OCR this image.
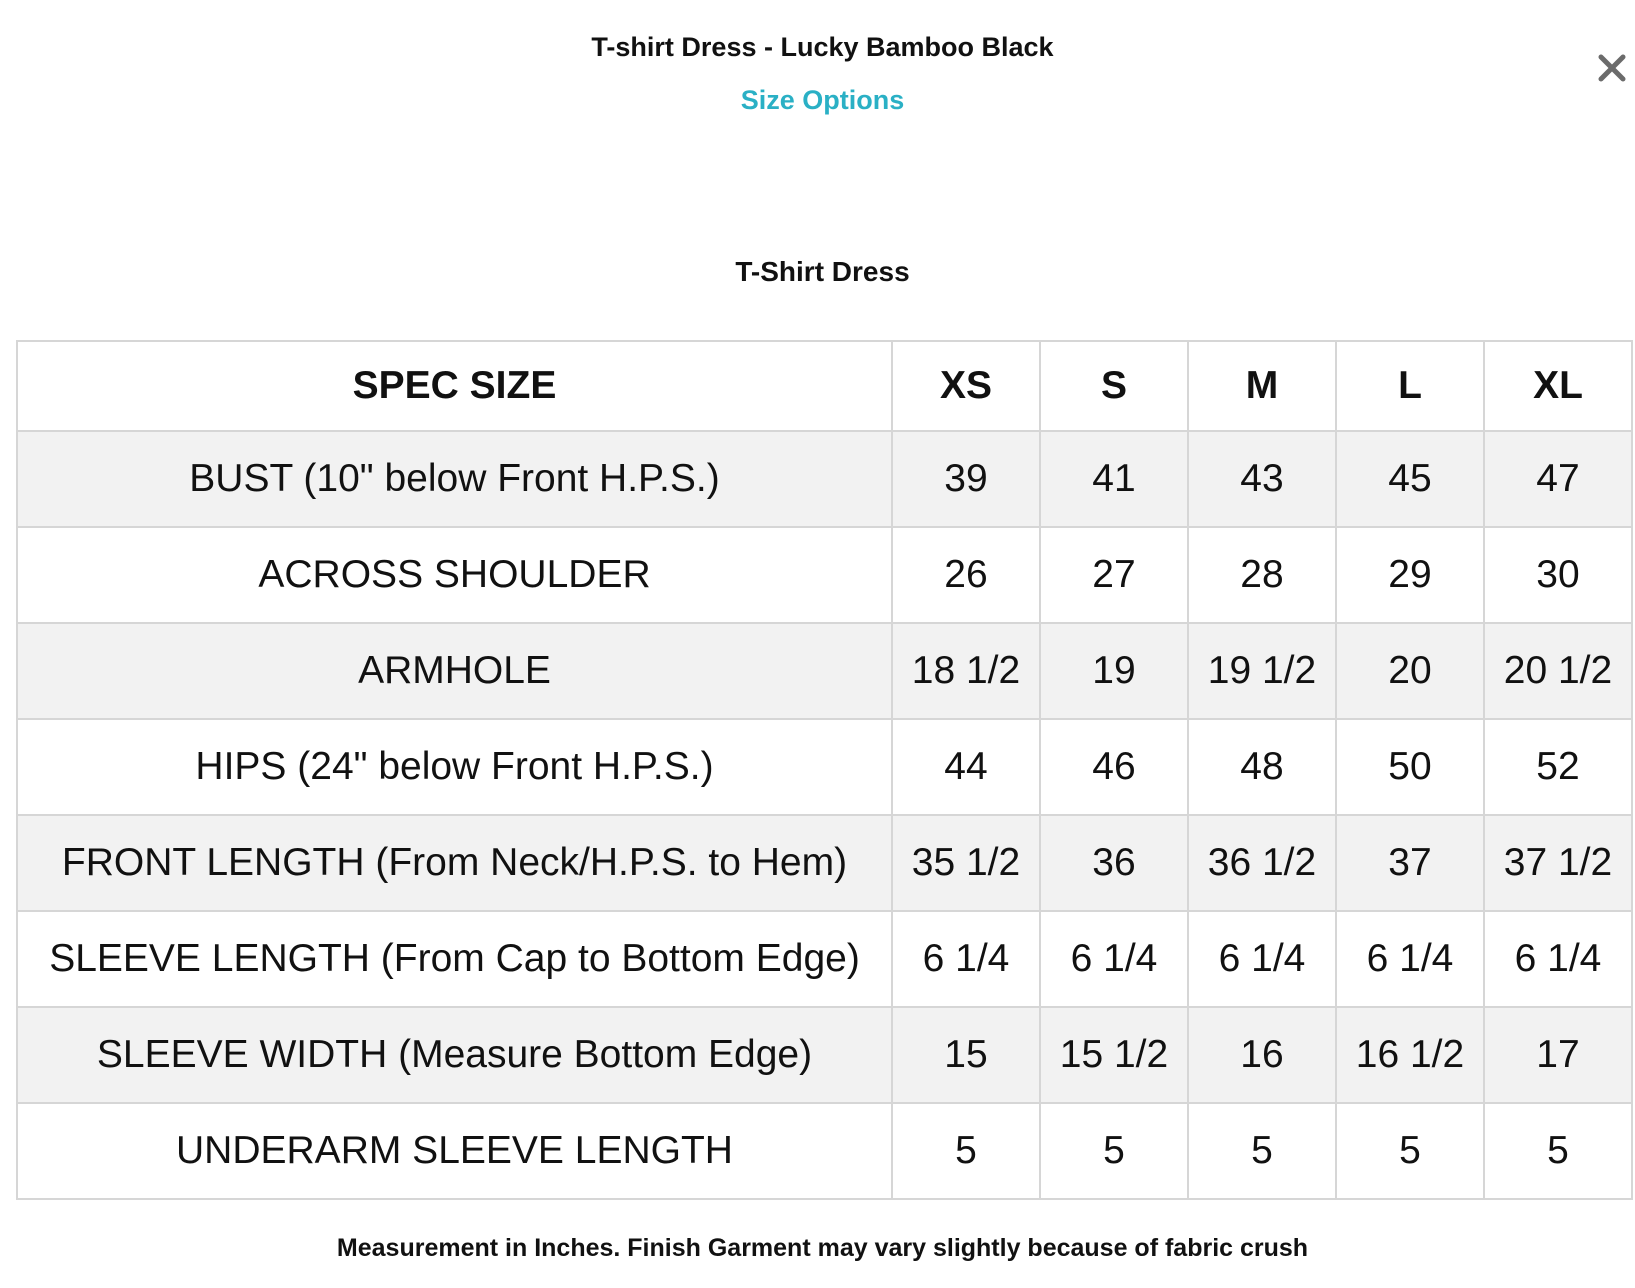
T-shirt Dress - Lucky Bamboo Black
Size Options
T-Shirt Dress
SPEC SIZE	XS	S	M	L	XL
BUST (10" below Front H.P.S.)	39	41	43	45	47
ACROSS SHOULDER	26	27	28	29	30
ARMHOLE	18 1/2	19	19 1/2	20	20 1/2
HIPS (24" below Front H.P.S.)	44	46	48	50	52
FRONT LENGTH (From Neck/H.P.S. to Hem)	35 1/2	36	36 1/2	37	37 1/2
SLEEVE LENGTH (From Cap to Bottom Edge)	6 1/4	6 1/4	6 1/4	6 1/4	6 1/4
SLEEVE WIDTH (Measure Bottom Edge)	15	15 1/2	16	16 1/2	17
UNDERARM SLEEVE LENGTH	5	5	5	5	5
Measurement in Inches. Finish Garment may vary slightly because of fabric crush
